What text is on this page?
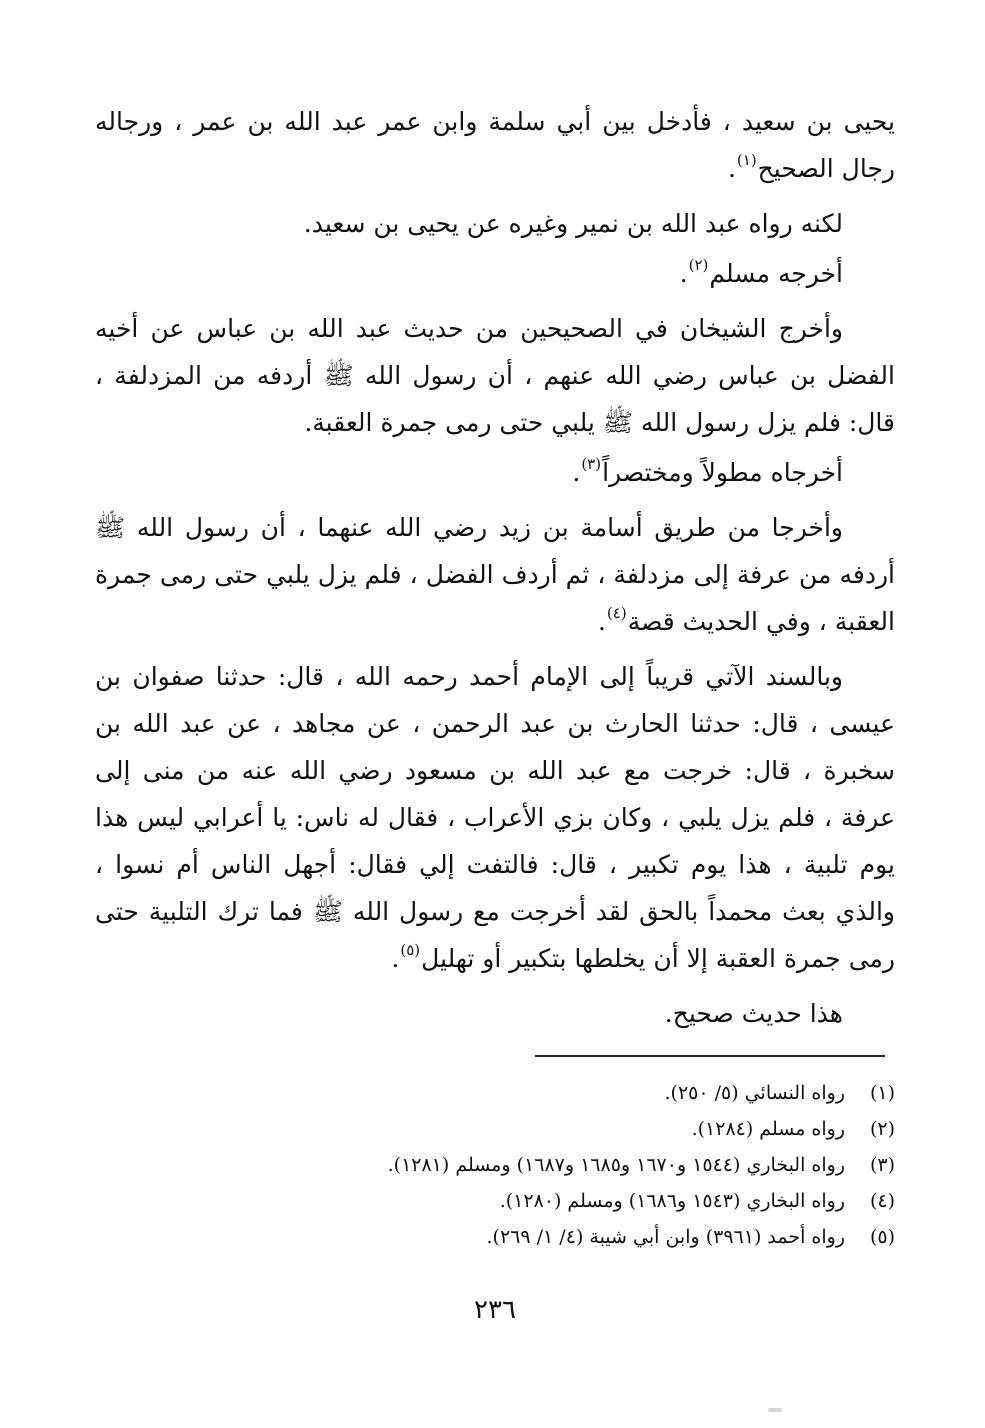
يحيى بن سعيد ، فأدخل بين أبي سلمة وابن عمر عبد الله بن عمر ، ورجاله رجال الصحيح$^{(١)}$.

لكنه رواه عبد الله بن نمير وغيره عن يحيى بن سعيد.

أخرجه مسلم$^{(٢)}$.

وأخرج الشيخان في الصحيحين من حديث عبد الله بن عباس عن أخيه الفضل بن عباس رضي الله عنهم ، أن رسول الله ﷺ أردفه من المزدلفة ، قال: فلم يزل رسول الله ﷺ يلبي حتى رمى جمرة العقبة.

أخرجاه مطولاً ومختصراً$^{(٣)}$.

وأخرجا من طريق أسامة بن زيد رضي الله عنهما ، أن رسول الله ﷺ أردفه من عرفة إلى مزدلفة ، ثم أردف الفضل ، فلم يزل يلبي حتى رمى جمرة العقبة ، وفي الحديث قصة$^{(٤)}$.

وبالسند الآتي قريباً إلى الإمام أحمد رحمه الله ، قال: حدثنا صفوان بن عيسى ، قال: حدثنا الحارث بن عبد الرحمن ، عن مجاهد ، عن عبد الله بن سخبرة ، قال: خرجت مع عبد الله بن مسعود رضي الله عنه من منى إلى عرفة ، فلم يزل يلبي ، وكان بزي الأعراب ، فقال له ناس: يا أعرابي ليس هذا يوم تلبية ، هذا يوم تكبير ، قال: فالتفت إلي فقال: أجهل الناس أم نسوا ، والذي بعث محمداً بالحق لقد أخرجت مع رسول الله ﷺ فما ترك التلبية حتى رمى جمرة العقبة إلا أن يخلطها بتكبير أو تهليل$^{(٥)}$.

هذا حديث صحيح.

(١)
رواه النسائي (٥/ ٢٥٠).
(٢)
رواه مسلم (١٢٨٤).
(٣)
رواه البخاري (١٥٤٤ و١٦٧٠ و١٦٨٥ و١٦٨٧) ومسلم (١٢٨١).
(٤)
رواه البخاري (١٥٤٣ و١٦٨٦) ومسلم (١٢٨٠).
(٥)
رواه أحمد (٣٩٦١) وابن أبي شيبة (٤/ ١/ ٢٦٩).
٢٣٦
